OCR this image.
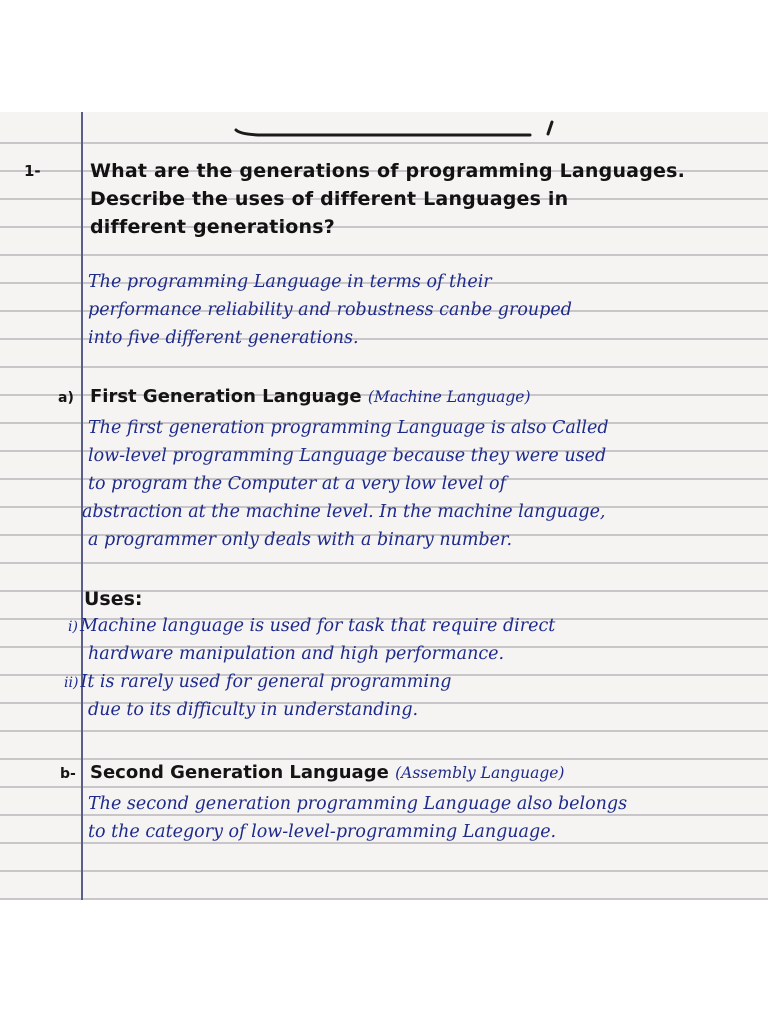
1-	What are the generations of programming Languages.
Describe the uses of different Languages in
different generations?
The programming Language in terms of their
performance reliability and robustness canbe grouped
into five different generations.
a) First Generation Language (Machine Language)
The first generation programming Language is also Called
low-level programming Language because they were used
to program the Computer at a very low level of
abstraction at the machine level. In the machine language,
a programmer only deals with a binary number.
Uses:
i) Machine language is used for task that require direct
hardware manipulation and high performance.
ii) It is rarely used for general programming
due to its difficulty in understanding.
b- Second Generation Language (Assembly Language)
The second generation programming Language also belongs
to the category of low-level-programming Language.
